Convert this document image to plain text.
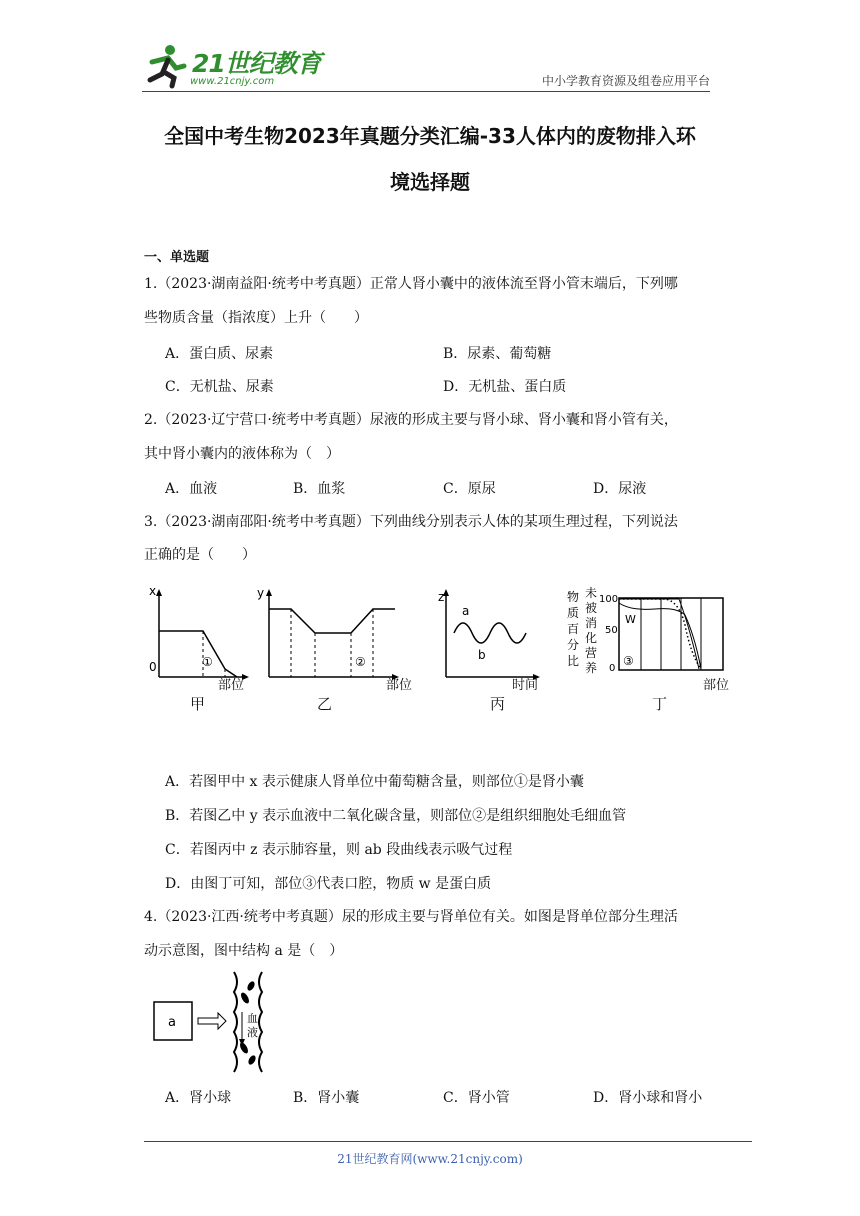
21世纪教育
www.21cnjy.com	中小学教育资源及组卷应用平台
全国中考生物2023年真题分类汇编-33人体内的废物排入环
境选择题
一、单选题
1.（2023·湖南益阳·统考中考真题）正常人肾小囊中的液体流至肾小管末端后，下列哪
些物质含量（指浓度）上升（　　）
A．蛋白质、尿素	B．尿素、葡萄糖
C．无机盐、尿素	D．无机盐、蛋白质
2.（2023·辽宁营口·统考中考真题）尿液的形成主要与肾小球、肾小囊和肾小管有关，
其中肾小囊内的液体称为（　）
A．血液	B．血浆	C．原尿	D．尿液
3.（2023·湖南邵阳·统考中考真题）下列曲线分别表示人体的某项生理过程，下列说法
正确的是（　　）
x
0	①
部位
甲
y
②
部位
乙
z
a
b
时间
丙
物
质
百
分
比
未
被
消
化
营
养
100
50
0
W
③
部位
丁
A．若图甲中 x 表示健康人肾单位中葡萄糖含量，则部位①是肾小囊
B．若图乙中 y 表示血液中二氧化碳含量，则部位②是组织细胞处毛细血管
C．若图丙中 z 表示肺容量，则 ab 段曲线表示吸气过程
D．由图丁可知，部位③代表口腔，物质 w 是蛋白质
4.（2023·江西·统考中考真题）尿的形成主要与肾单位有关。如图是肾单位部分生理活
动示意图，图中结构 a 是（　）
a	血
液
A．肾小球	B．肾小囊	C．肾小管	D．肾小球和肾小
21世纪教育网(www.21cnjy.com)
